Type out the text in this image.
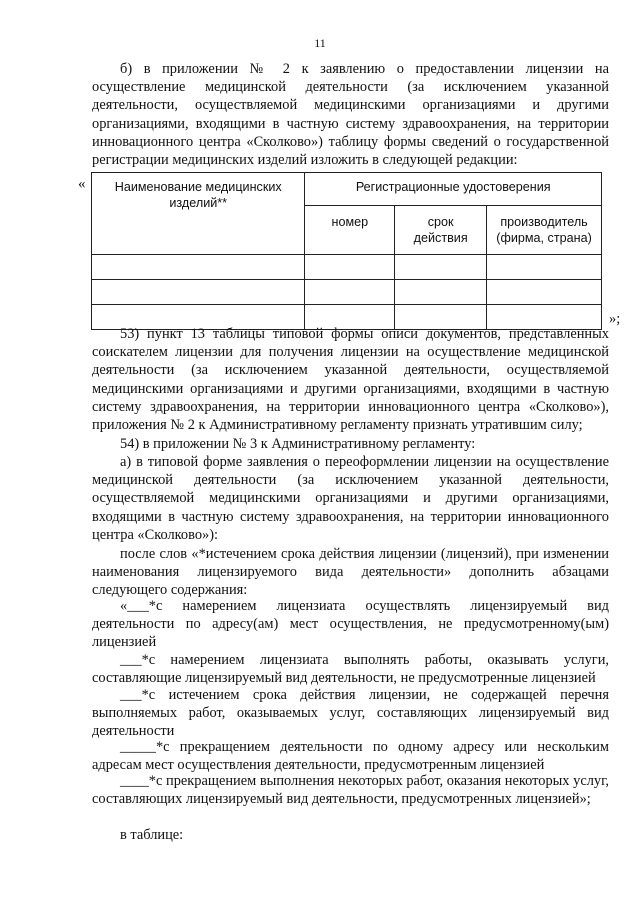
11

б) в приложении № 2 к заявлению о предоставлении лицензии на осуществление медицинской деятельности (за исключением указанной деятельности, осуществляемой медицинскими организациями и другими организациями, входящими в частную систему здравоохранения, на территории инновационного центра «Сколково») таблицу формы сведений о государственной регистрации медицинских изделий изложить в следующей редакции:

« Наименование медицинских изделий**	Регистрационные удостоверения		
	номер	срок действия	производитель (фирма, страна)

»;

53) пункт 13 таблицы типовой формы описи документов, представленных соискателем лицензии для получения лицензии на осуществление медицинской деятельности (за исключением указанной деятельности, осуществляемой медицинскими организациями и другими организациями, входящими в частную систему здравоохранения, на территории инновационного центра «Сколково»), приложения № 2 к Административному регламенту признать утратившим силу;

54) в приложении № 3 к Административному регламенту:

а) в типовой форме заявления о переоформлении лицензии на осуществление медицинской деятельности (за исключением указанной деятельности, осуществляемой медицинскими организациями и другими организациями, входящими в частную систему здравоохранения, на территории инновационного центра «Сколково»):

после слов «*истечением срока действия лицензии (лицензий), при изменении наименования лицензируемого вида деятельности» дополнить абзацами следующего содержания:

«___*с намерением лицензиата осуществлять лицензируемый вид деятельности по адресу(ам) мест осуществления, не предусмотренному(ым) лицензией

___*с намерением лицензиата выполнять работы, оказывать услуги, составляющие лицензируемый вид деятельности, не предусмотренные лицензией

___*с истечением срока действия лицензии, не содержащей перечня выполняемых работ, оказываемых услуг, составляющих лицензируемый вид деятельности

_____*с прекращением деятельности по одному адресу или нескольким адресам мест осуществления деятельности, предусмотренным лицензией

____*с прекращением выполнения некоторых работ, оказания некоторых услуг, составляющих лицензируемый вид деятельности, предусмотренных лицензией»;

в таблице:
